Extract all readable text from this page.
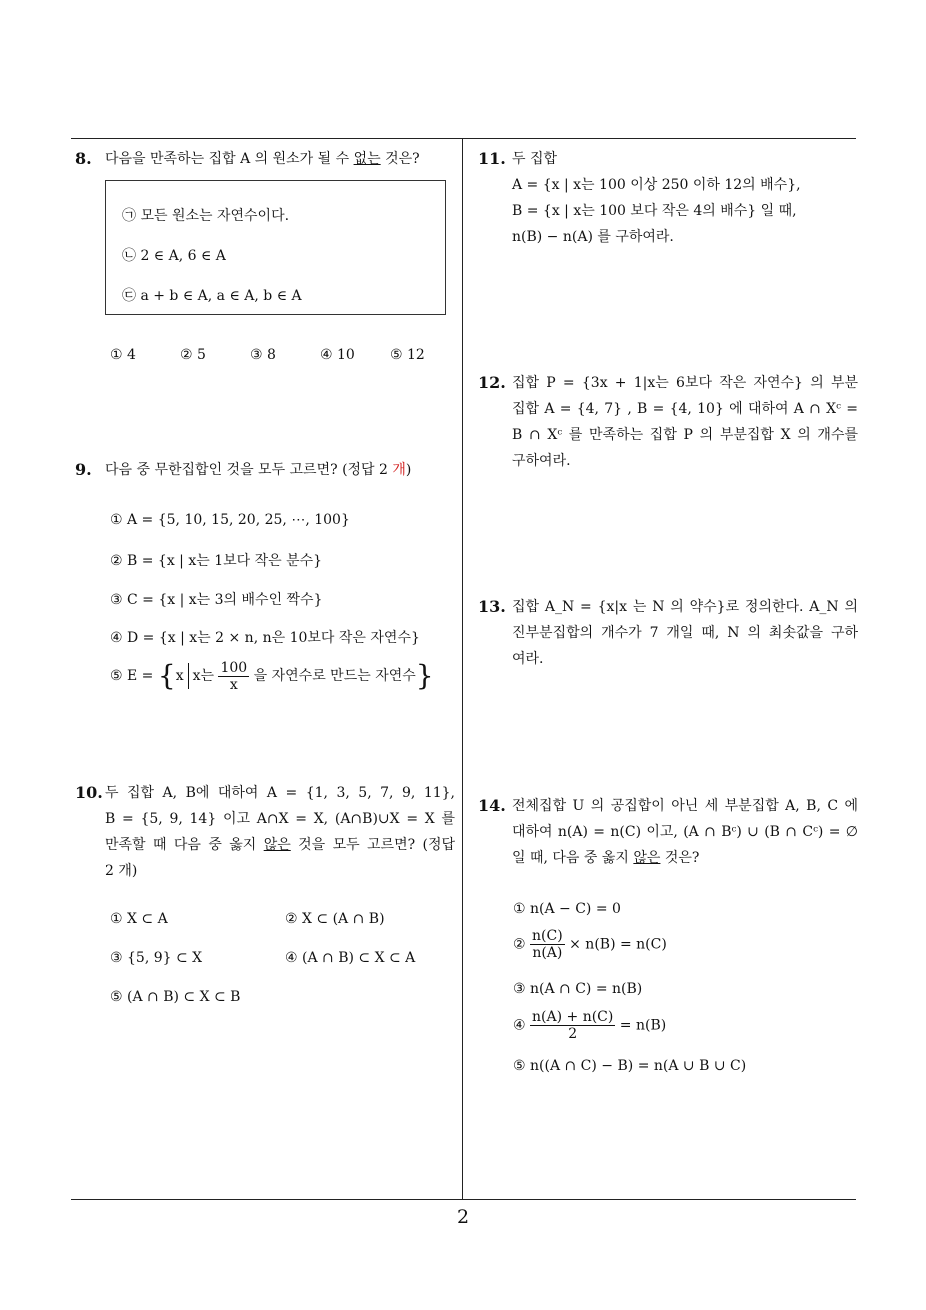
8. 다음을 만족하는 집합 A 의 원소가 될 수 없는 것은?
㉠ 모든 원소는 자연수이다.
㉡ 2 ∈ A, 6 ∈ A
㉢ a + b ∈ A, a ∈ A, b ∈ A
① 4	② 5	③ 8	④ 10	⑤ 12
9. 다음 중 무한집합인 것을 모두 고르면? (정답 2 개)
① A = {5, 10, 15, 20, 25, ⋯, 100}
② B = {x | x는 1보다 작은 분수}
③ C = {x | x는 3의 배수인 짝수}
④ D = {x | x는 2 × n, n은 10보다 작은 자연수}
⑤ E = {x x는 $\frac{100}{x}$ 을 자연수로 만드는 자연수}
10. 두 집합 A, B에 대하여 A = {1, 3, 5, 7, 9, 11},
B = {5, 9, 14} 이고 A∩X = X, (A∩B)∪X = X 를
만족할 때 다음 중 옳지 않은 것을 모두 고르면? (정답
2 개)
① X ⊂ A	② X ⊂ (A ∩ B)
③ {5, 9} ⊂ X	④ (A ∩ B) ⊂ X ⊂ A
⑤ (A ∩ B) ⊂ X ⊂ B
11. 두 집합
A = {x | x는 100 이상 250 이하 12의 배수},
B = {x | x는 100 보다 작은 4의 배수} 일 때,
n(B) − n(A) 를 구하여라.
12. 집합 P = {3x + 1|x는 6보다 작은 자연수} 의 부분
집합 A = {4, 7} , B = {4, 10} 에 대하여 A ∩ Xᶜ =
B ∩ Xᶜ 를 만족하는 집합 P 의 부분집합 X 의 개수를
구하여라.
13. 집합 A_N = {x|x 는 N 의 약수}로 정의한다. A_N 의
진부분집합의 개수가 7 개일 때, N 의 최솟값을 구하
여라.
14. 전체집합 U 의 공집합이 아닌 세 부분집합 A, B, C 에
대하여 n(A) = n(C) 이고, (A ∩ Bᶜ) ∪ (B ∩ Cᶜ) = ∅
일 때, 다음 중 옳지 않은 것은?
① n(A − C) = 0
② $\frac{n(C)}{n(A)} \times n(B) = n(C)$
③ n(A ∩ C) = n(B)
④ $\frac{n(A) + n(C)}{2} = n(B)$
⑤ n((A ∩ C) − B) = n(A ∪ B ∪ C)
2
